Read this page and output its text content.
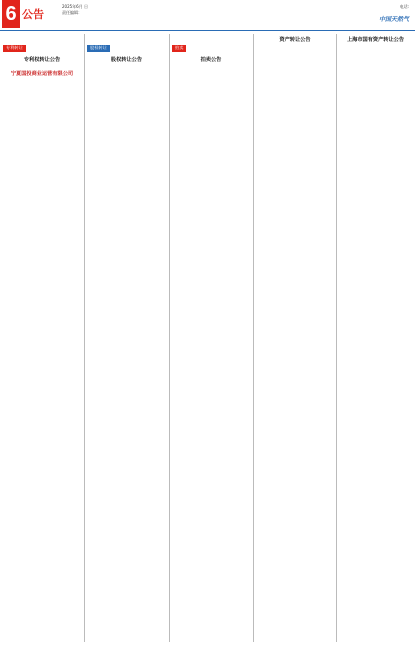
6 公告
2025年6月 日
责任编辑：
电话:
中国天然气
专利转让
专利权转让公告

宁夏国投商业运营有限公司

股权转让
股权转让公告

拍卖
拍卖公告

资产转让公告	上海市国有资产转让公告
